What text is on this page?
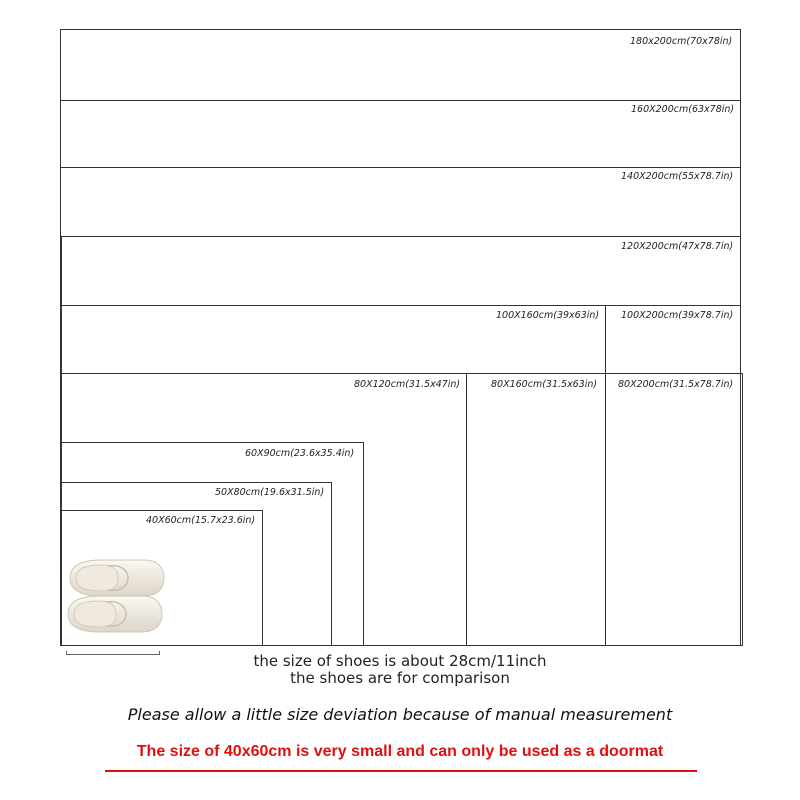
180x200cm(70x78in)
160X200cm(63x78in)
140X200cm(55x78.7in)
120X200cm(47x78.7in)
100X160cm(39x63in) 100X200cm(39x78.7in)
80X120cm(31.5x47in)	80X160cm(31.5x63in) 80X200cm(31.5x78.7in)
60X90cm(23.6x35.4in)
50X80cm(19.6x31.5in)
40X60cm(15.7x23.6in)
the size of shoes is about 28cm/11inch
the shoes are for comparison
Please allow a little size deviation because of manual measurement
The size of 40x60cm is very small and can only be used as a doormat
